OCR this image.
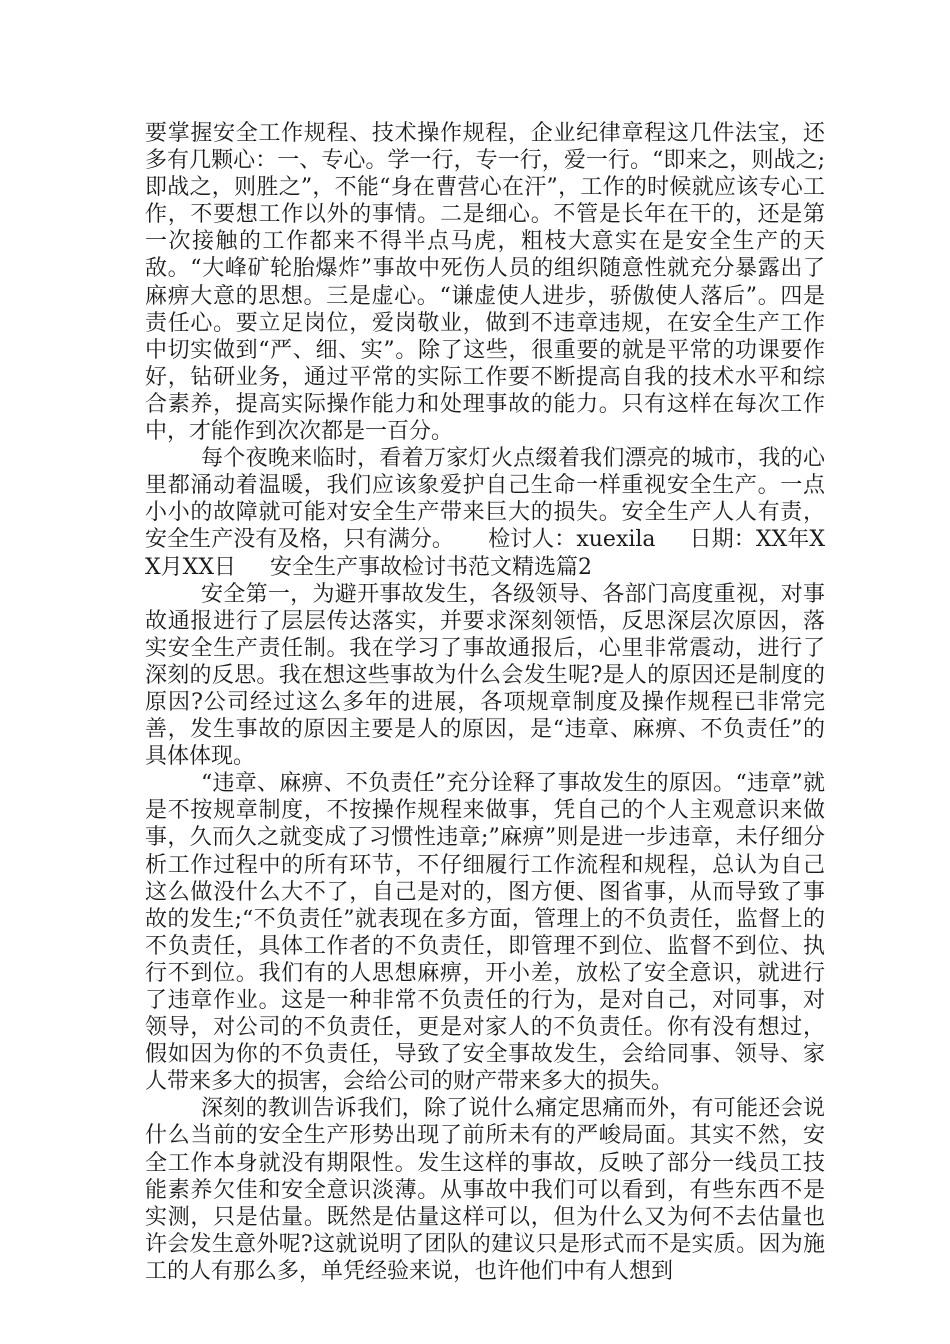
要掌握安全工作规程、技术操作规程，企业纪律章程这几件法宝，还多有几颗心：一、专心。学一行，专一行，爱一行。“即来之，则战之;即战之，则胜之”，不能“身在曹营心在汗”，工作的时候就应该专心工作，不要想工作以外的事情。二是细心。不管是长年在干的，还是第一次接触的工作都来不得半点马虎，粗枝大意实在是安全生产的天敌。“大峰矿轮胎爆炸”事故中死伤人员的组织随意性就充分暴露出了麻痹大意的思想。三是虚心。“谦虚使人进步，骄傲使人落后”。四是责任心。要立足岗位，爱岗敬业，做到不违章违规，在安全生产工作中切实做到“严、细、实”。除了这些，很重要的就是平常的功课要作好，钻研业务，通过平常的实际工作要不断提高自我的技术水平和综合素养，提高实际操作能力和处理事故的能力。只有这样在每次工作中，才能作到次次都是一百分。

每个夜晚来临时，看着万家灯火点缀着我们漂亮的城市，我的心里都涌动着温暖，我们应该象爱护自己生命一样重视安全生产。一点小小的故障就可能对安全生产带来巨大的损失。安全生产人人有责，安全生产没有及格，只有满分。 检讨人：xuexila 日期：XX年XX月XX日 安全生产事故检讨书范文精选篇2

安全第一，为避开事故发生，各级领导、各部门高度重视，对事故通报进行了层层传达落实，并要求深刻领悟，反思深层次原因，落实安全生产责任制。我在学习了事故通报后，心里非常震动，进行了深刻的反思。我在想这些事故为什么会发生呢?是人的原因还是制度的原因?公司经过这么多年的进展，各项规章制度及操作规程已非常完善，发生事故的原因主要是人的原因，是“违章、麻痹、不负责任”的具体体现。

“违章、麻痹、不负责任”充分诠释了事故发生的原因。“违章”就是不按规章制度，不按操作规程来做事，凭自己的个人主观意识来做事，久而久之就变成了习惯性违章;”麻痹”则是进一步违章，未仔细分析工作过程中的所有环节，不仔细履行工作流程和规程，总认为自己这么做没什么大不了，自己是对的，图方便、图省事，从而导致了事故的发生;“不负责任”就表现在多方面，管理上的不负责任，监督上的不负责任，具体工作者的不负责任，即管理不到位、监督不到位、执行不到位。我们有的人思想麻痹，开小差，放松了安全意识，就进行了违章作业。这是一种非常不负责任的行为，是对自己，对同事，对领导，对公司的不负责任，更是对家人的不负责任。你有没有想过，假如因为你的不负责任，导致了安全事故发生，会给同事、领导、家人带来多大的损害，会给公司的财产带来多大的损失。

深刻的教训告诉我们，除了说什么痛定思痛而外，有可能还会说什么当前的安全生产形势出现了前所未有的严峻局面。其实不然，安全工作本身就没有期限性。发生这样的事故，反映了部分一线员工技能素养欠佳和安全意识淡薄。从事故中我们可以看到，有些东西不是实测，只是估量。既然是估量这样可以，但为什么又为何不去估量也许会发生意外呢?这就说明了团队的建议只是形式而不是实质。因为施工的人有那么多，单凭经验来说，也许他们中有人想到
